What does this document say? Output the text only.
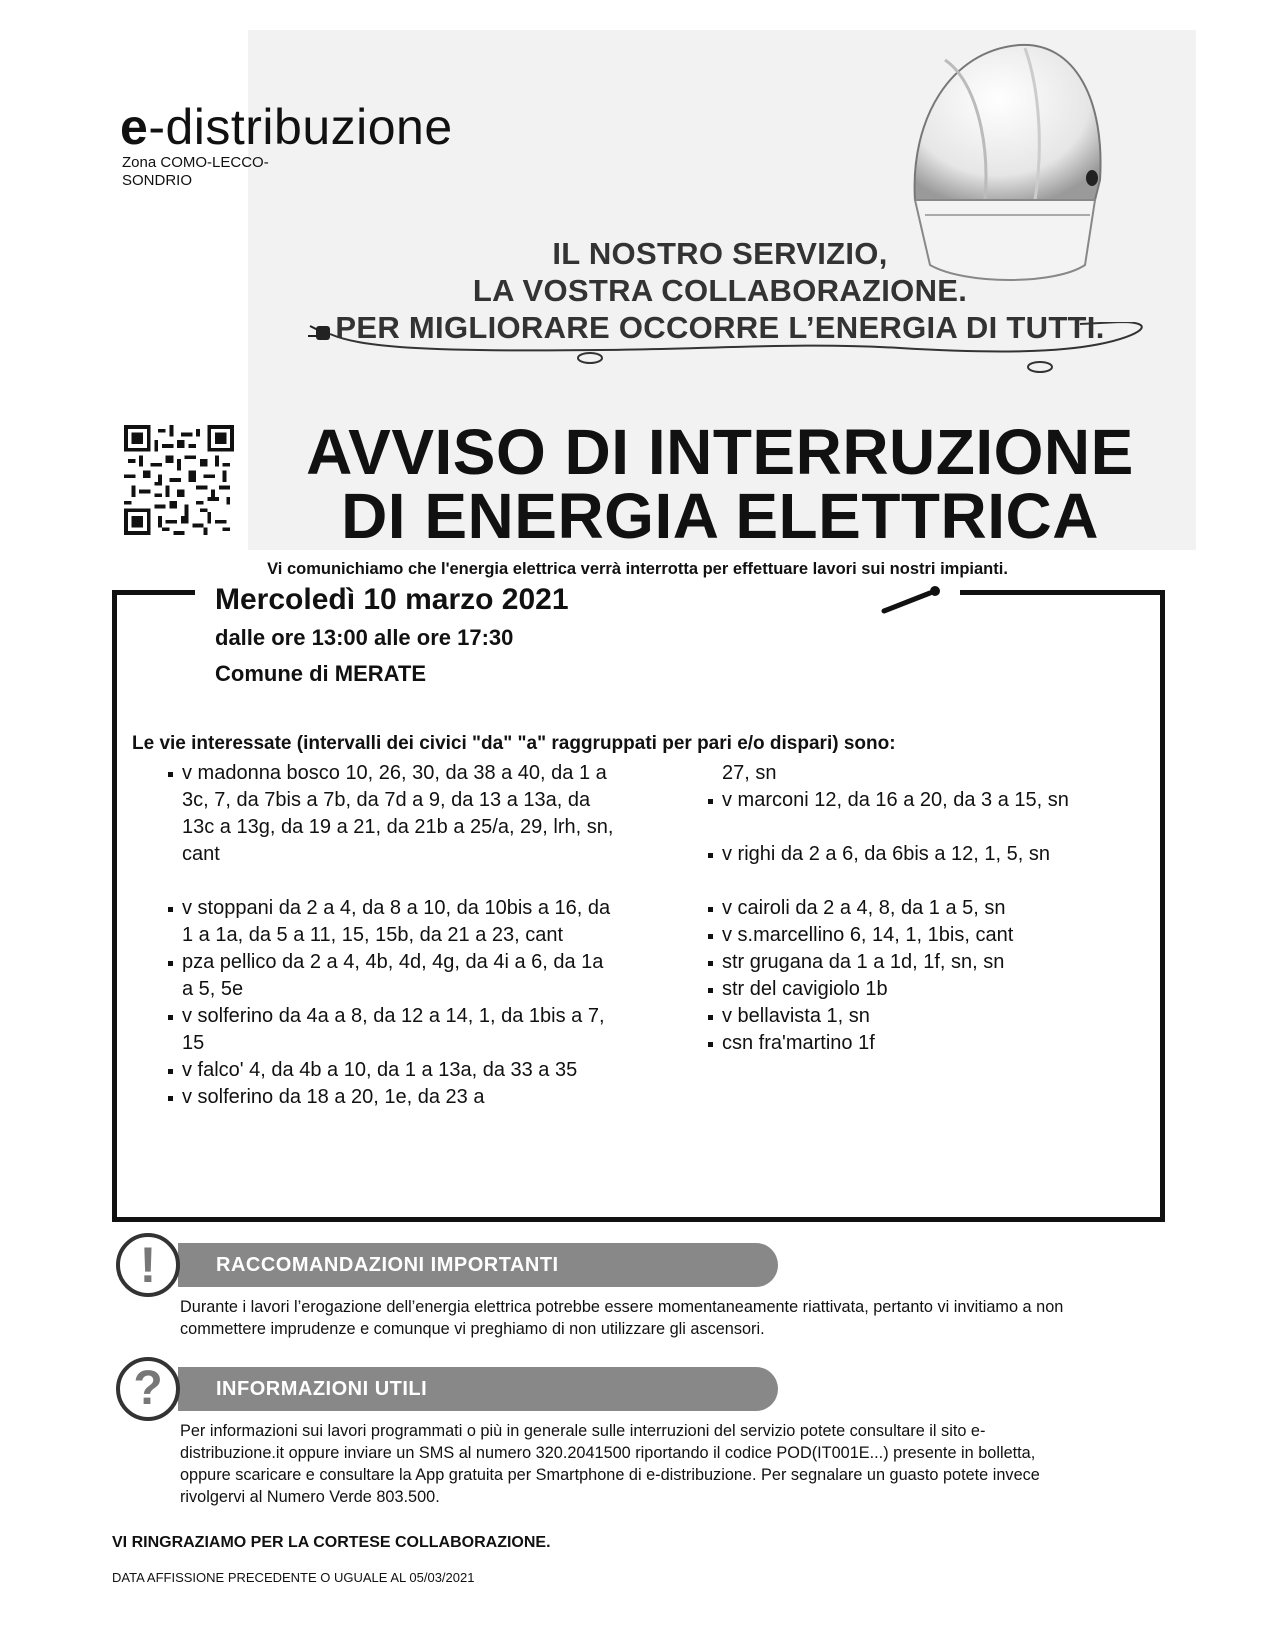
e-distribuzione
Zona COMO-LECCO-SONDRIO
IL NOSTRO SERVIZIO,
LA VOSTRA COLLABORAZIONE.
PER MIGLIORARE OCCORRE L’ENERGIA DI TUTTI.
AVVISO DI INTERRUZIONE
DI ENERGIA ELETTRICA
Vi comunichiamo che l'energia elettrica verrà interrotta per effettuare lavori sui nostri impianti.
Mercoledì 10 marzo 2021
dalle ore 13:00 alle ore 17:30
Comune di MERATE
Le vie interessate (intervalli dei civici "da" "a" raggruppati per pari e/o dispari) sono:
v madonna bosco 10, 26, 30, da 38 a 40, da 1 a 3c, 7, da 7bis a 7b, da 7d a 9, da 13 a 13a, da 13c a 13g, da 19 a 21, da 21b a 25/a, 29, lrh, sn, cant
v stoppani da 2 a 4, da 8 a 10, da 10bis a 16, da 1 a 1a, da 5 a 11, 15, 15b, da 21 a 23, cant
pza pellico da 2 a 4, 4b, 4d, 4g, da 4i a 6, da 1a a 5, 5e
v solferino da 4a a 8, da 12 a 14, 1, da 1bis a 7, 15
v falco' 4, da 4b a 10, da 1 a 13a, da 33 a 35
v solferino da 18 a 20, 1e, da 23 a
27, sn
v marconi 12, da 16 a 20, da 3 a 15, sn
v righi da 2 a 6, da 6bis a 12, 1, 5, sn
v cairoli da 2 a 4, 8, da 1 a 5, sn
v s.marcellino 6, 14, 1, 1bis, cant
str grugana da 1 a 1d, 1f, sn, sn
str del cavigiolo 1b
v bellavista 1, sn
csn fra'martino 1f
RACCOMANDAZIONI IMPORTANTI
!
Durante i lavori l’erogazione dell’energia elettrica potrebbe essere momentaneamente riattivata, pertanto vi invitiamo a non commettere imprudenze e comunque vi preghiamo di non utilizzare gli ascensori.
INFORMAZIONI UTILI
?
Per informazioni sui lavori programmati o più in generale sulle interruzioni del servizio potete consultare il sito e-distribuzione.it oppure inviare un SMS al numero 320.2041500 riportando il codice POD(IT001E...) presente in bolletta, oppure scaricare e consultare la App gratuita per Smartphone di e-distribuzione. Per segnalare un guasto potete invece rivolgervi al Numero Verde 803.500.
VI RINGRAZIAMO PER LA CORTESE COLLABORAZIONE.
DATA AFFISSIONE PRECEDENTE O UGUALE AL 05/03/2021
